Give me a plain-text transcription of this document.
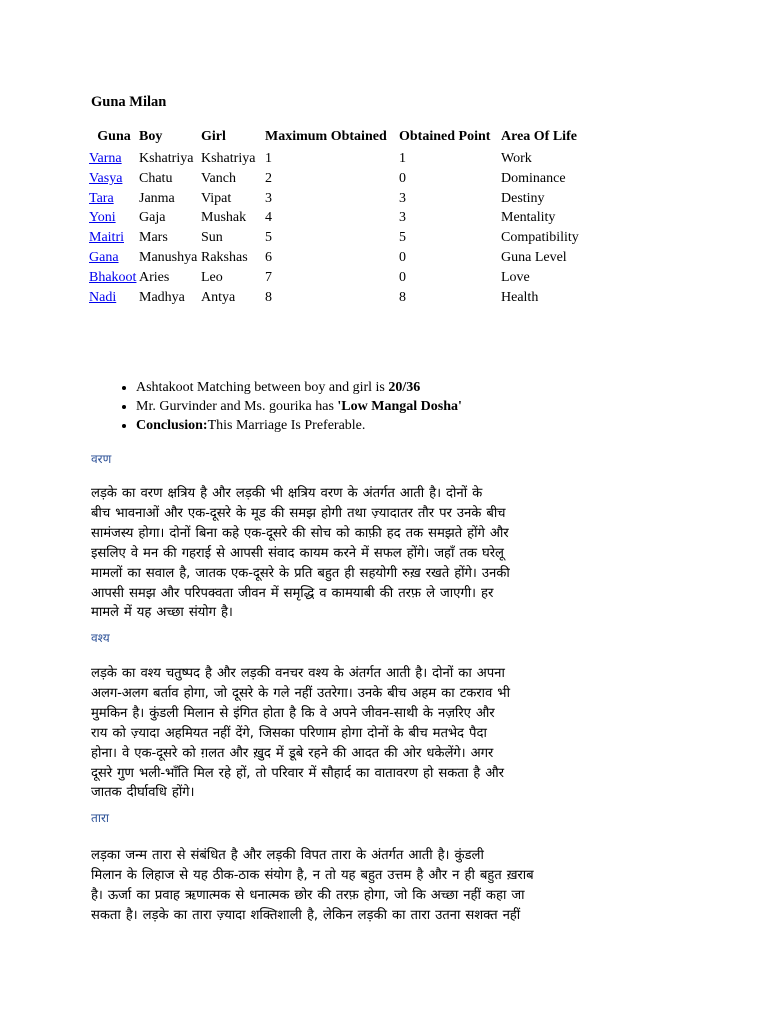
Guna Milan
Guna	Boy	Girl	Maximum Obtained	Obtained Point	Area Of Life
Varna	Kshatriya	Kshatriya	1	1	Work
Vasya	Chatu	Vanch	2	0	Dominance
Tara	Janma	Vipat	3	3	Destiny
Yoni	Gaja	Mushak	4	3	Mentality
Maitri	Mars	Sun	5	5	Compatibility
Gana	Manushya	Rakshas	6	0	Guna Level
Bhakoot	Aries	Leo	7	0	Love
Nadi	Madhya	Antya	8	8	Health
• Ashtakoot Matching between boy and girl is 20/36
• Mr. Gurvinder and Ms. gourika has 'Low Mangal Dosha'
• Conclusion:This Marriage Is Preferable.
वरण
लड़के का वरण क्षत्रिय है और लड़की भी क्षत्रिय वरण के अंतर्गत आती है। दोनों के
बीच भावनाओं और एक-दूसरे के मूड की समझ होगी तथा ज़्यादातर तौर पर उनके बीच
सामंजस्य होगा। दोनों बिना कहे एक-दूसरे की सोच को काफ़ी हद तक समझते होंगे और
इसलिए वे मन की गहराई से आपसी संवाद कायम करने में सफल होंगे। जहाँ तक घरेलू
मामलों का सवाल है, जातक एक-दूसरे के प्रति बहुत ही सहयोगी रुख़ रखते होंगे। उनकी
आपसी समझ और परिपक्वता जीवन में समृद्धि व कामयाबी की तरफ़ ले जाएगी। हर
मामले में यह अच्छा संयोग है।
वश्य
लड़के का वश्य चतुष्पद है और लड़की वनचर वश्य के अंतर्गत आती है। दोनों का अपना
अलग-अलग बर्ताव होगा, जो दूसरे के गले नहीं उतरेगा। उनके बीच अहम का टकराव भी
मुमकिन है। कुंडली मिलान से इंगित होता है कि वे अपने जीवन-साथी के नज़रिए और
राय को ज़्यादा अहमियत नहीं देंगे, जिसका परिणाम होगा दोनों के बीच मतभेद पैदा
होना। वे एक-दूसरे को ग़लत और ख़ुद में डूबे रहने की आदत की ओर धकेलेंगे। अगर
दूसरे गुण भली-भाँति मिल रहे हों, तो परिवार में सौहार्द का वातावरण हो सकता है और
जातक दीर्घावधि होंगे।
तारा
लड़का जन्म तारा से संबंधित है और लड़की विपत तारा के अंतर्गत आती है। कुंडली
मिलान के लिहाज से यह ठीक-ठाक संयोग है, न तो यह बहुत उत्तम है और न ही बहुत ख़राब
है। ऊर्जा का प्रवाह ऋणात्मक से धनात्मक छोर की तरफ़ होगा, जो कि अच्छा नहीं कहा जा
सकता है। लड़के का तारा ज़्यादा शक्तिशाली है, लेकिन लड़की का तारा उतना सशक्त नहीं
